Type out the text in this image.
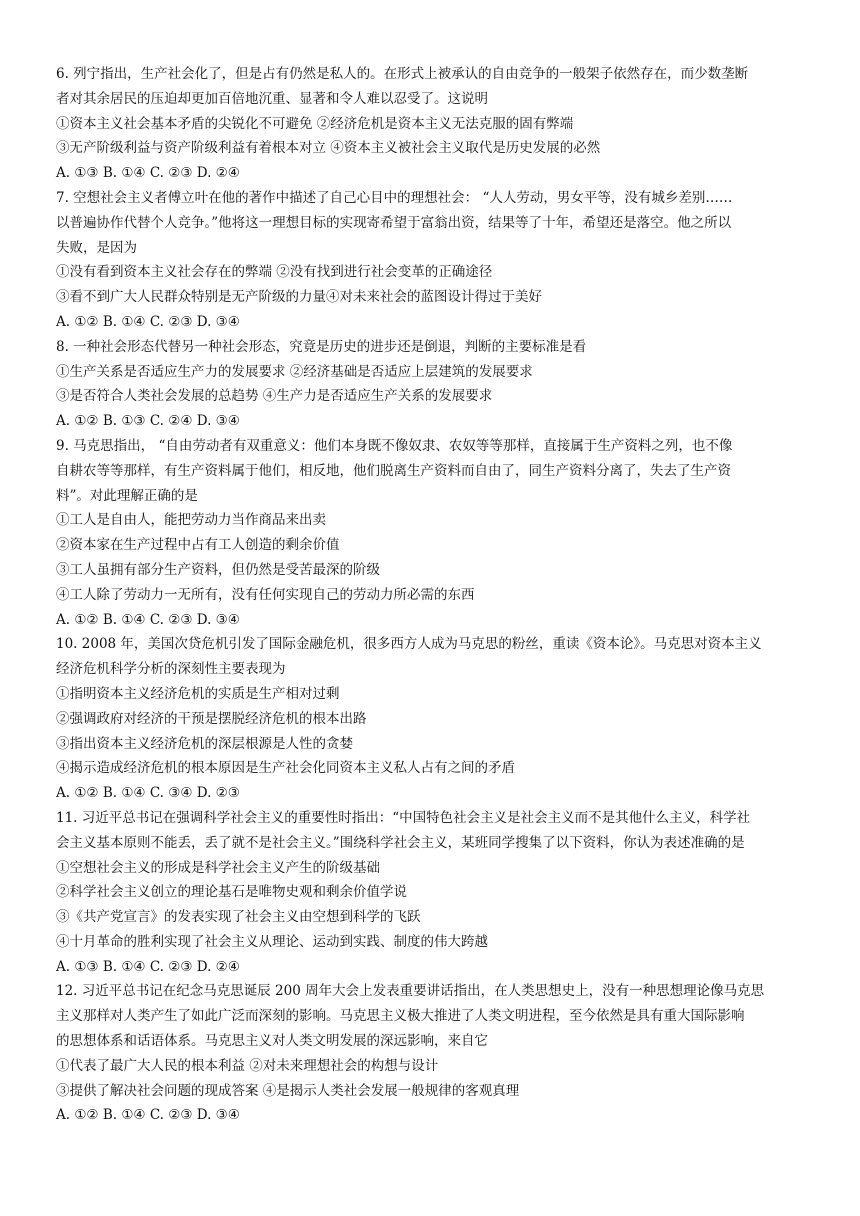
6. 列宁指出，生产社会化了，但是占有仍然是私人的。在形式上被承认的自由竞争的一般架子依然存在，而少数垄断
者对其余居民的压迫却更加百倍地沉重、显著和令人难以忍受了。这说明
①资本主义社会基本矛盾的尖锐化不可避免 ②经济危机是资本主义无法克服的固有弊端
③无产阶级利益与资产阶级利益有着根本对立 ④资本主义被社会主义取代是历史发展的必然
A. ①③ B. ①④ C. ②③ D. ②④
7. 空想社会主义者傅立叶在他的著作中描述了自己心目中的理想社会： “人人劳动，男女平等，没有城乡差别……
以普遍协作代替个人竞争。”他将这一理想目标的实现寄希望于富翁出资，结果等了十年，希望还是落空。他之所以
失败，是因为
①没有看到资本主义社会存在的弊端 ②没有找到进行社会变革的正确途径
③看不到广大人民群众特别是无产阶级的力量④对未来社会的蓝图设计得过于美好
A. ①② B. ①④ C. ②③ D. ③④
8. 一种社会形态代替另一种社会形态，究竟是历史的进步还是倒退，判断的主要标准是看
①生产关系是否适应生产力的发展要求 ②经济基础是否适应上层建筑的发展要求
③是否符合人类社会发展的总趋势 ④生产力是否适应生产关系的发展要求
A. ①② B. ①③ C. ②④ D. ③④
9. 马克思指出， “自由劳动者有双重意义：他们本身既不像奴隶、农奴等等那样，直接属于生产资料之列，也不像
自耕农等等那样，有生产资料属于他们，相反地，他们脱离生产资料而自由了，同生产资料分离了，失去了生产资
料”。对此理解正确的是
①工人是自由人，能把劳动力当作商品来出卖
②资本家在生产过程中占有工人创造的剩余价值
③工人虽拥有部分生产资料，但仍然是受苦最深的阶级
④工人除了劳动力一无所有，没有任何实现自己的劳动力所必需的东西
A. ①② B. ①④ C. ②③ D. ③④
10. 2008 年，美国次贷危机引发了国际金融危机，很多西方人成为马克思的粉丝，重读《资本论》。马克思对资本主义
经济危机科学分析的深刻性主要表现为
①指明资本主义经济危机的实质是生产相对过剩
②强调政府对经济的干预是摆脱经济危机的根本出路
③指出资本主义经济危机的深层根源是人性的贪婪
④揭示造成经济危机的根本原因是生产社会化同资本主义私人占有之间的矛盾
A. ①② B. ①④ C. ③④ D. ②③
11. 习近平总书记在强调科学社会主义的重要性时指出：“中国特色社会主义是社会主义而不是其他什么主义，科学社
会主义基本原则不能丢，丢了就不是社会主义。”围绕科学社会主义，某班同学搜集了以下资料，你认为表述准确的是
①空想社会主义的形成是科学社会主义产生的阶级基础
②科学社会主义创立的理论基石是唯物史观和剩余价值学说
③《共产党宣言》的发表实现了社会主义由空想到科学的飞跃
④十月革命的胜利实现了社会主义从理论、运动到实践、制度的伟大跨越
A. ①③ B. ①④ C. ②③ D. ②④
12. 习近平总书记在纪念马克思诞辰 200 周年大会上发表重要讲话指出，在人类思想史上，没有一种思想理论像马克思
主义那样对人类产生了如此广泛而深刻的影响。马克思主义极大推进了人类文明进程，至今依然是具有重大国际影响
的思想体系和话语体系。马克思主义对人类文明发展的深远影响，来自它
①代表了最广大人民的根本利益 ②对未来理想社会的构想与设计
③提供了解决社会问题的现成答案 ④是揭示人类社会发展一般规律的客观真理
A. ①② B. ①④ C. ②③ D. ③④
